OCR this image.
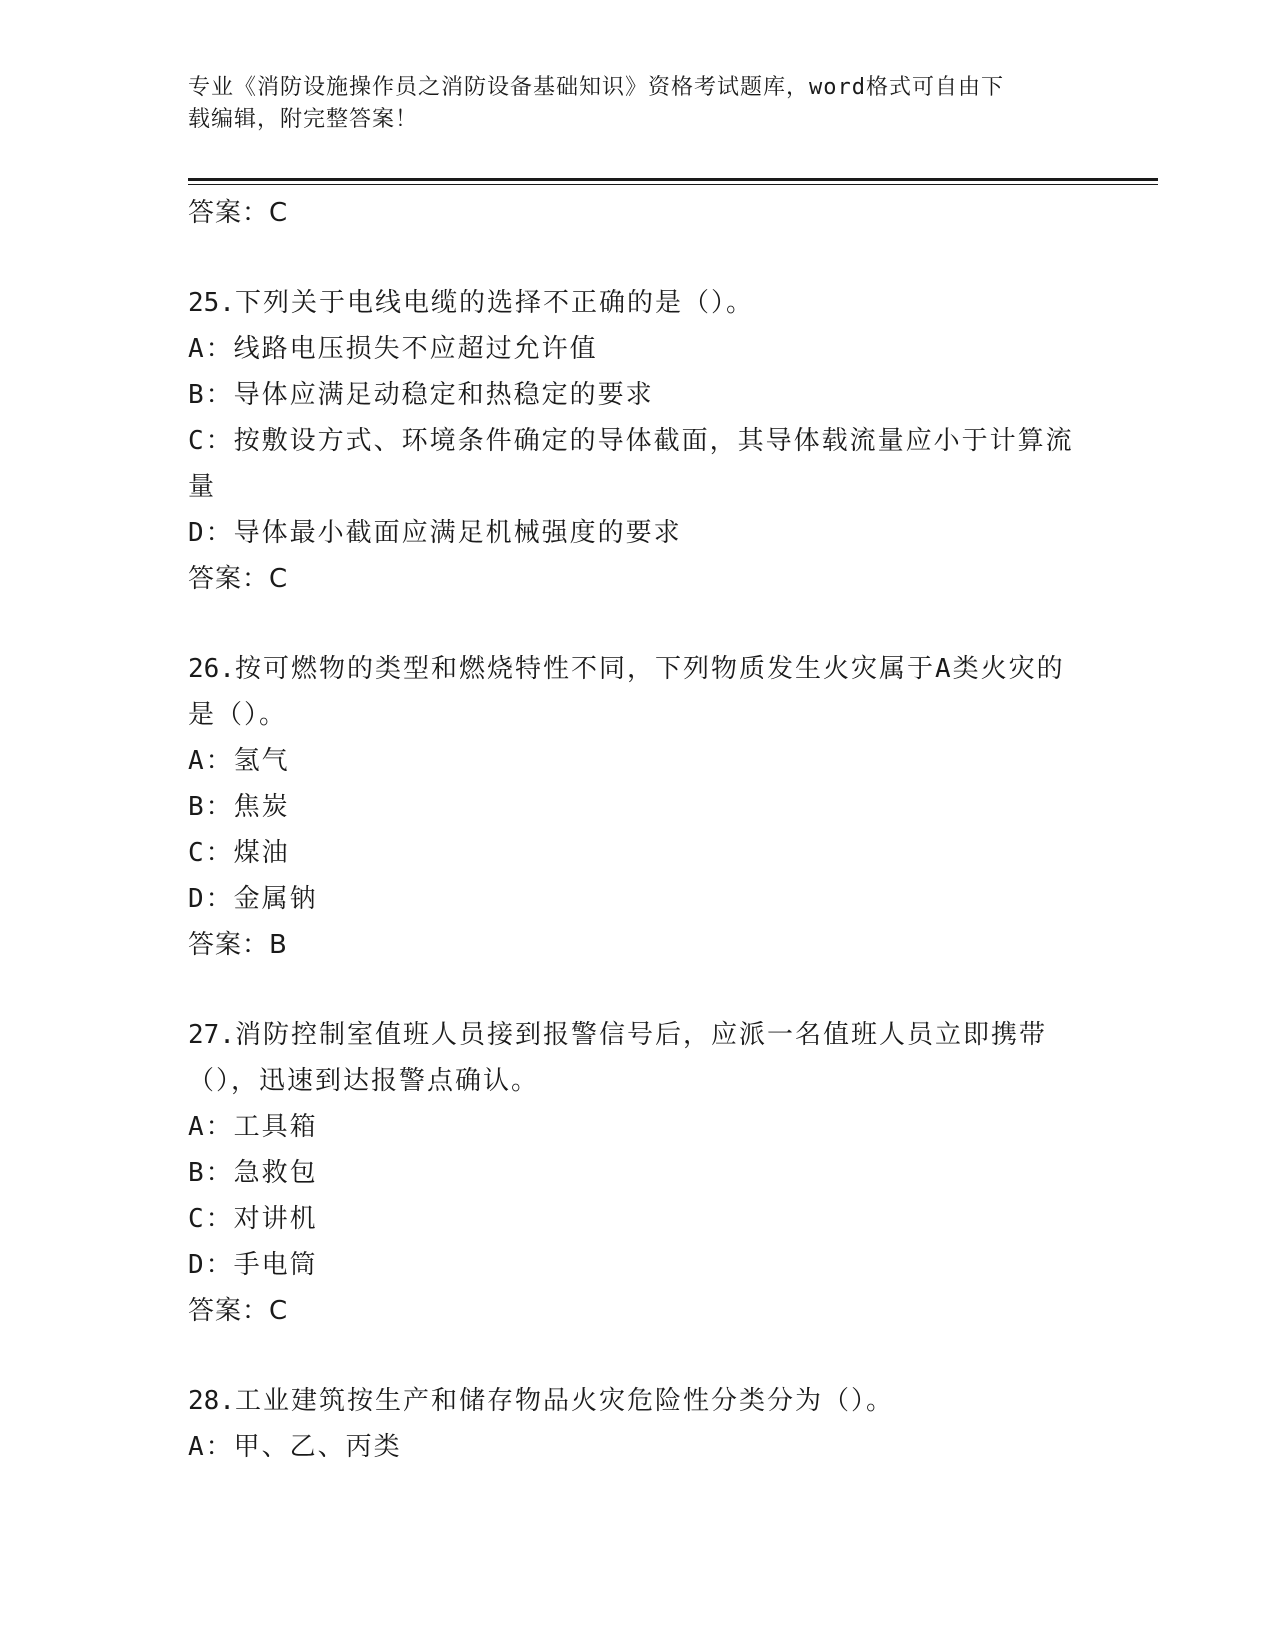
专业《消防设施操作员之消防设备基础知识》资格考试题库，word格式可自由下
载编辑，附完整答案！
答案：C
25.下列关于电线电缆的选择不正确的是（）。
A：线路电压损失不应超过允许值
B：导体应满足动稳定和热稳定的要求
C：按敷设方式、环境条件确定的导体截面，其导体载流量应小于计算流量
D：导体最小截面应满足机械强度的要求
答案：C
26.按可燃物的类型和燃烧特性不同，下列物质发生火灾属于A类火灾的是（）。
A：氢气
B：焦炭
C：煤油
D：金属钠
答案：B
27.消防控制室值班人员接到报警信号后，应派一名值班人员立即携带（），迅速到达报警点确认。
A：工具箱
B：急救包
C：对讲机
D：手电筒
答案：C
28.工业建筑按生产和储存物品火灾危险性分类分为（）。
A：甲、乙、丙类
